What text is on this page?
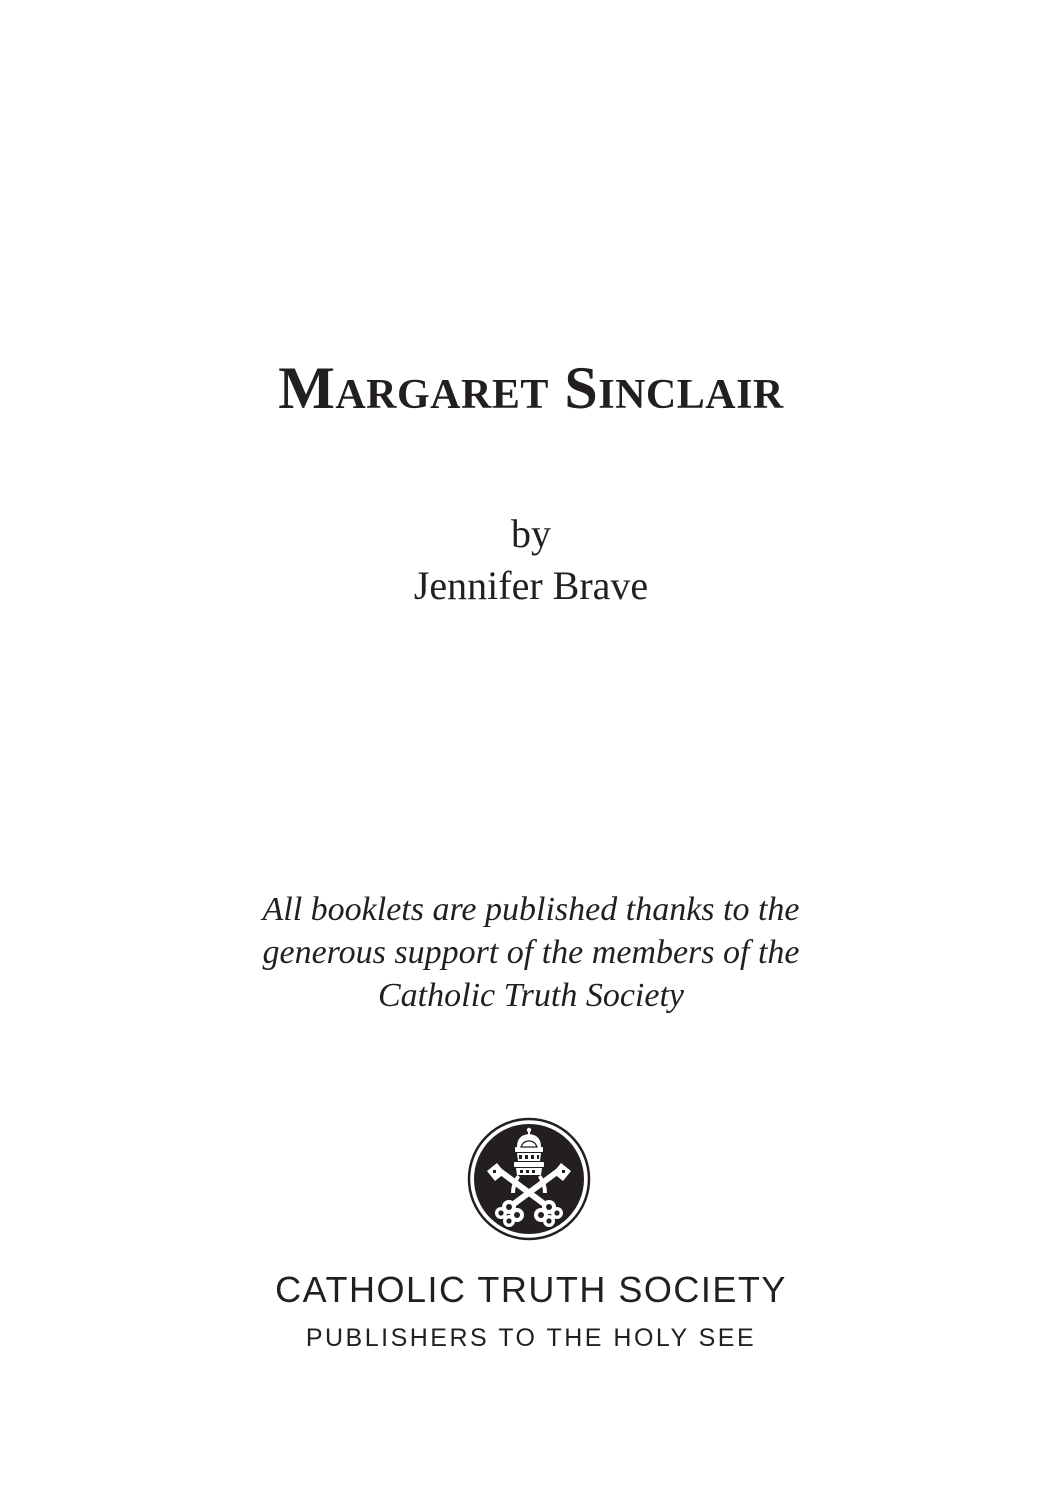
Margaret Sinclair
by
Jennifer Brave
All booklets are published thanks to the
generous support of the members of the
Catholic Truth Society
CATHOLIC TRUTH SOCIETY
PUBLISHERS TO THE HOLY SEE
